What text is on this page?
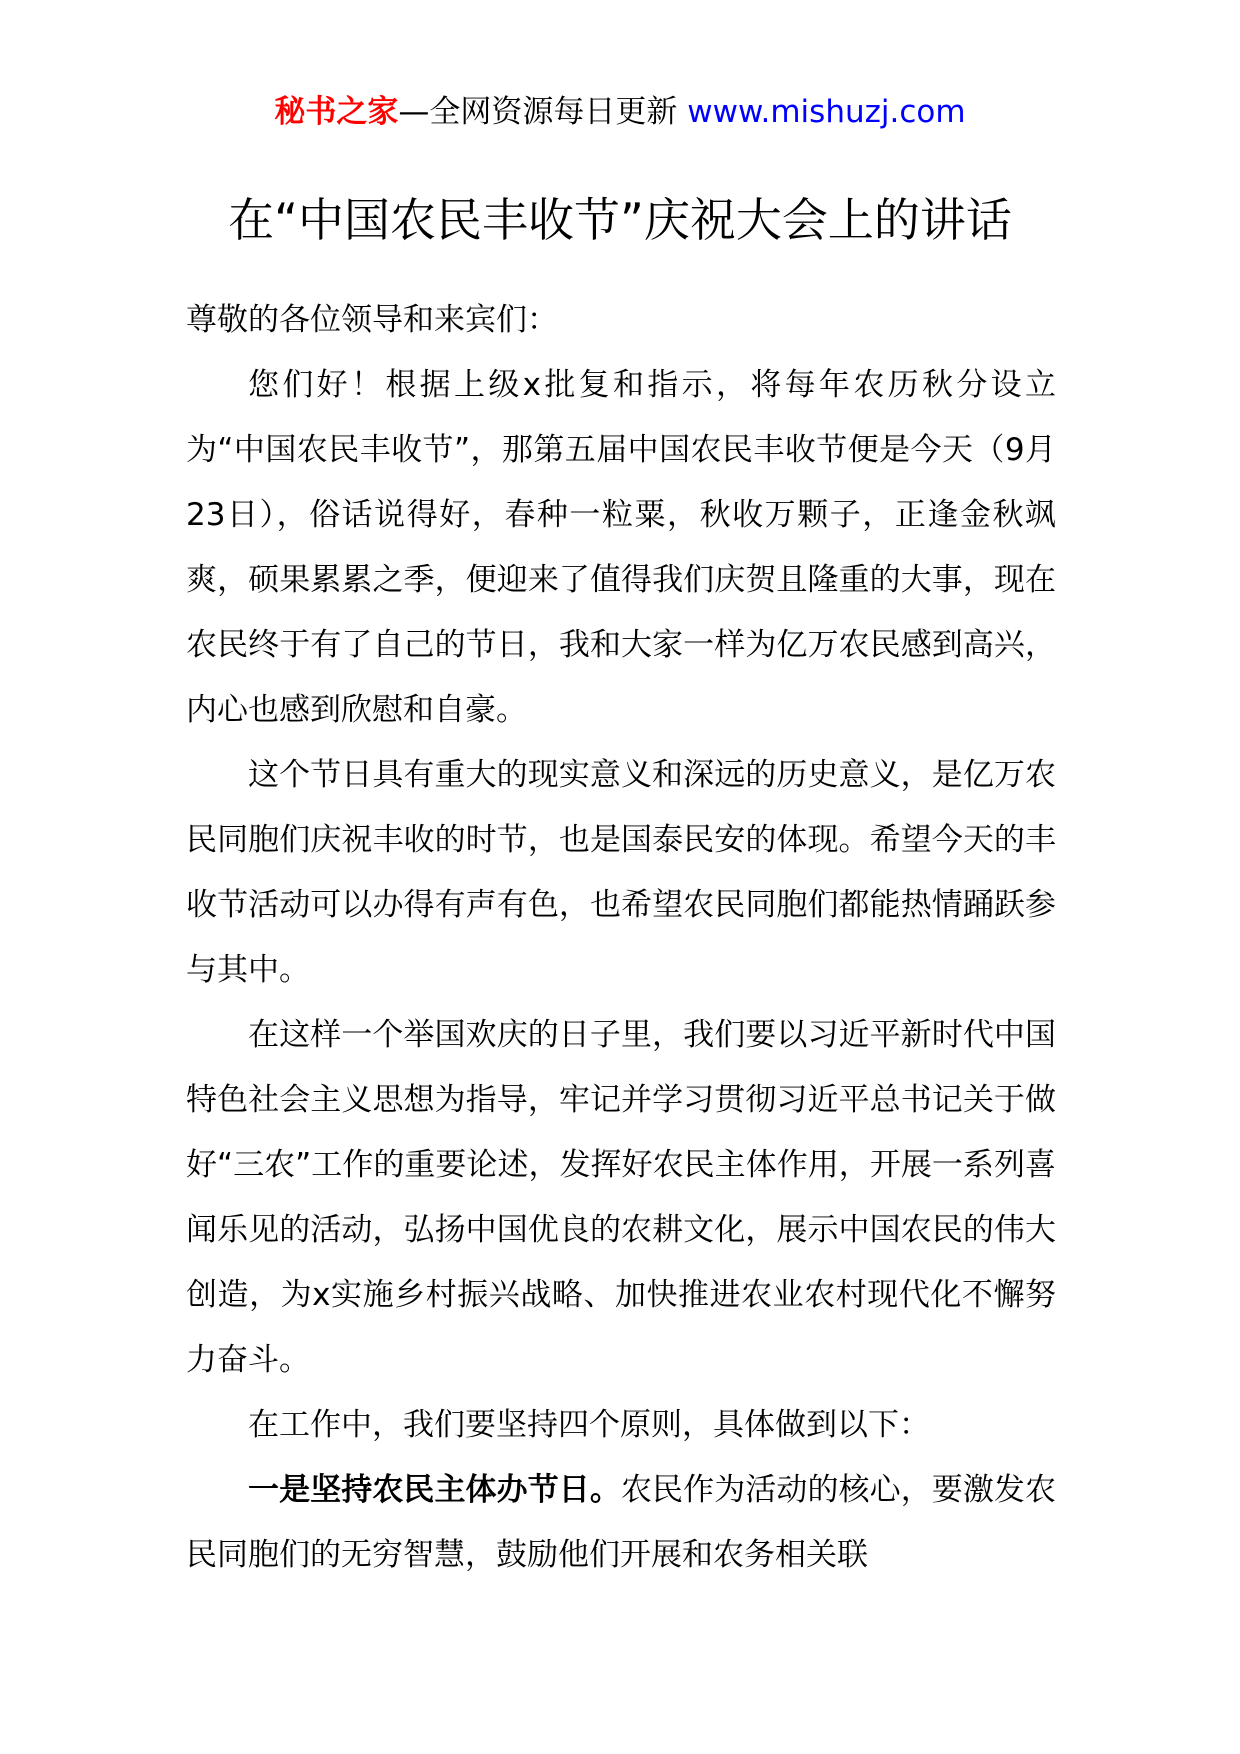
秘书之家—全网资源每日更新 www.mishuzj.com
在“中国农民丰收节”庆祝大会上的讲话

尊敬的各位领导和来宾们：

您们好！根据上级x批复和指示，将每年农历秋分设立为“中国农民丰收节”，那第五届中国农民丰收节便是今天（9月23日），俗话说得好，春种一粒粟，秋收万颗子，正逢金秋飒爽，硕果累累之季，便迎来了值得我们庆贺且隆重的大事，现在农民终于有了自己的节日，我和大家一样为亿万农民感到高兴，内心也感到欣慰和自豪。

这个节日具有重大的现实意义和深远的历史意义，是亿万农民同胞们庆祝丰收的时节，也是国泰民安的体现。希望今天的丰收节活动可以办得有声有色，也希望农民同胞们都能热情踊跃参与其中。

在这样一个举国欢庆的日子里，我们要以习近平新时代中国特色社会主义思想为指导，牢记并学习贯彻习近平总书记关于做好“三农”工作的重要论述，发挥好农民主体作用，开展一系列喜闻乐见的活动，弘扬中国优良的农耕文化，展示中国农民的伟大创造，为x实施乡村振兴战略、加快推进农业农村现代化不懈努力奋斗。

在工作中，我们要坚持四个原则，具体做到以下：

一是坚持农民主体办节日。农民作为活动的核心，要激发农民同胞们的无穷智慧，鼓励他们开展和农务相关联
